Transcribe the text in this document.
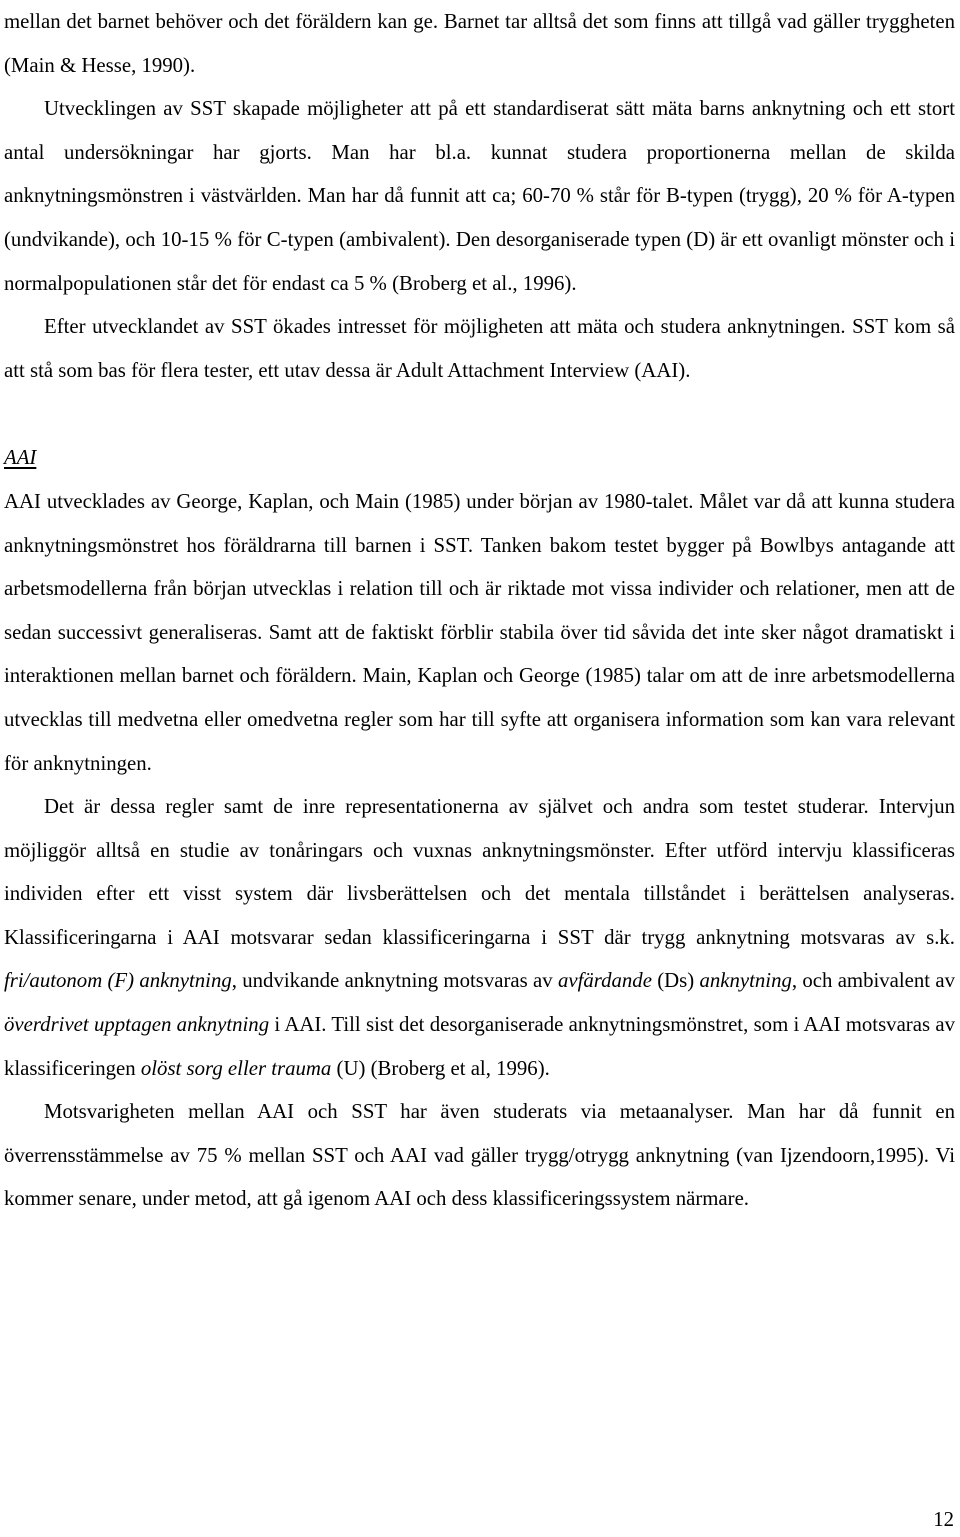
mellan det barnet behöver och det föräldern kan ge. Barnet tar alltså det som finns att tillgå vad gäller tryggheten (Main & Hesse, 1990).

Utvecklingen av SST skapade möjligheter att på ett standardiserat sätt mäta barns anknytning och ett stort antal undersökningar har gjorts. Man har bl.a. kunnat studera proportionerna mellan de skilda anknytningsmönstren i västvärlden. Man har då funnit att ca; 60-70 % står för B-typen (trygg), 20 % för A-typen (undvikande), och 10-15 % för C-typen (ambivalent). Den desorganiserade typen (D) är ett ovanligt mönster och i normalpopulationen står det för endast ca 5 % (Broberg et al., 1996).

Efter utvecklandet av SST ökades intresset för möjligheten att mäta och studera anknytningen. SST kom så att stå som bas för flera tester, ett utav dessa är Adult Attachment Interview (AAI).

AAI

AAI utvecklades av George, Kaplan, och Main (1985) under början av 1980-talet. Målet var då att kunna studera anknytningsmönstret hos föräldrarna till barnen i SST. Tanken bakom testet bygger på Bowlbys antagande att arbetsmodellerna från början utvecklas i relation till och är riktade mot vissa individer och relationer, men att de sedan successivt generaliseras. Samt att de faktiskt förblir stabila över tid såvida det inte sker något dramatiskt i interaktionen mellan barnet och föräldern. Main, Kaplan och George (1985) talar om att de inre arbetsmodellerna utvecklas till medvetna eller omedvetna regler som har till syfte att organisera information som kan vara relevant för anknytningen.

Det är dessa regler samt de inre representationerna av självet och andra som testet studerar. Intervjun möjliggör alltså en studie av tonåringars och vuxnas anknytningsmönster. Efter utförd intervju klassificeras individen efter ett visst system där livsberättelsen och det mentala tillståndet i berättelsen analyseras. Klassificeringarna i AAI motsvarar sedan klassificeringarna i SST där trygg anknytning motsvaras av s.k. fri/autonom (F) anknytning, undvikande anknytning motsvaras av avfärdande (Ds) anknytning, och ambivalent av överdrivet upptagen anknytning i AAI. Till sist det desorganiserade anknytningsmönstret, som i AAI motsvaras av klassificeringen olöst sorg eller trauma (U) (Broberg et al, 1996).

Motsvarigheten mellan AAI och SST har även studerats via metaanalyser. Man har då funnit en överrensstämmelse av 75 % mellan SST och AAI vad gäller trygg/otrygg anknytning (van Ijzendoorn,1995). Vi kommer senare, under metod, att gå igenom AAI och dess klassificeringssystem närmare.

12
